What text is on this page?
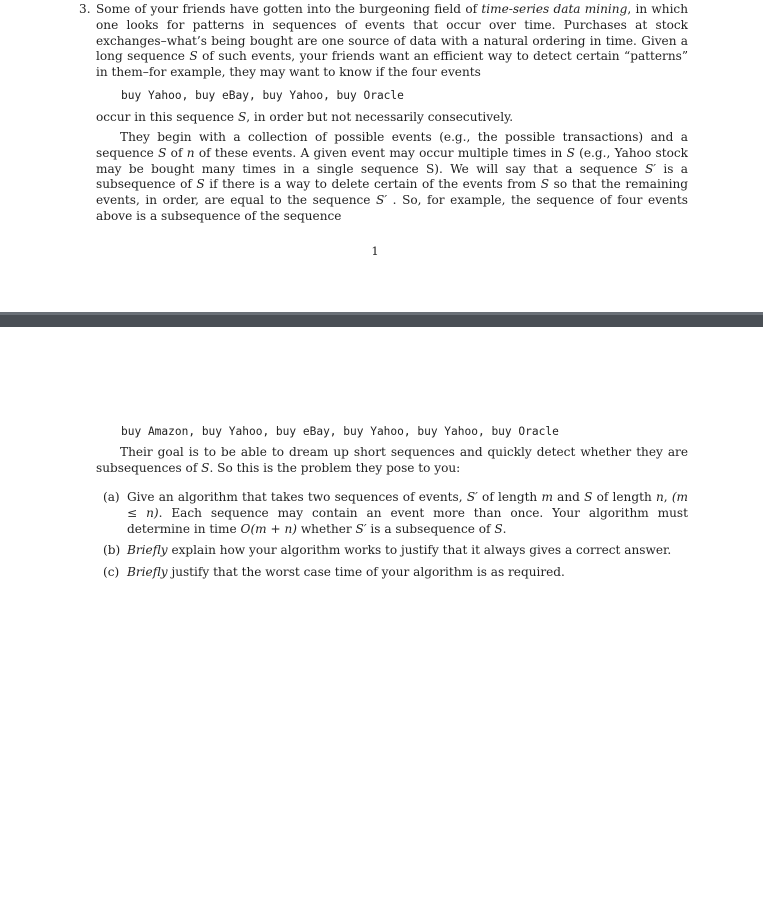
3. Some of your friends have gotten into the burgeoning field of time-series data mining, in which one looks for patterns in sequences of events that occur over time. Purchases at stock exchanges–what’s being bought are one source of data with a natural ordering in time. Given a long sequence S of such events, your friends want an efficient way to detect certain “patterns” in them–for example, they may want to know if the four events

buy Yahoo, buy eBay, buy Yahoo, buy Oracle

occur in this sequence S, in order but not necessarily consecutively.

They begin with a collection of possible events (e.g., the possible transactions) and a sequence S of n of these events. A given event may occur multiple times in S (e.g., Yahoo stock may be bought many times in a single sequence S). We will say that a sequence S′ is a subsequence of S if there is a way to delete certain of the events from S so that the remaining events, in order, are equal to the sequence S′ . So, for example, the sequence of four events above is a subsequence of the sequence

1
buy Amazon, buy Yahoo, buy eBay, buy Yahoo, buy Yahoo, buy Oracle

Their goal is to be able to dream up short sequences and quickly detect whether they are subsequences of S. So this is the problem they pose to you:

(a) Give an algorithm that takes two sequences of events, S′ of length m and S of length n, (m ≤ n). Each sequence may contain an event more than once. Your algorithm must determine in time O(m + n) whether S′ is a subsequence of S.
(b) Briefly explain how your algorithm works to justify that it always gives a correct answer.
(c) Briefly justify that the worst case time of your algorithm is as required.
